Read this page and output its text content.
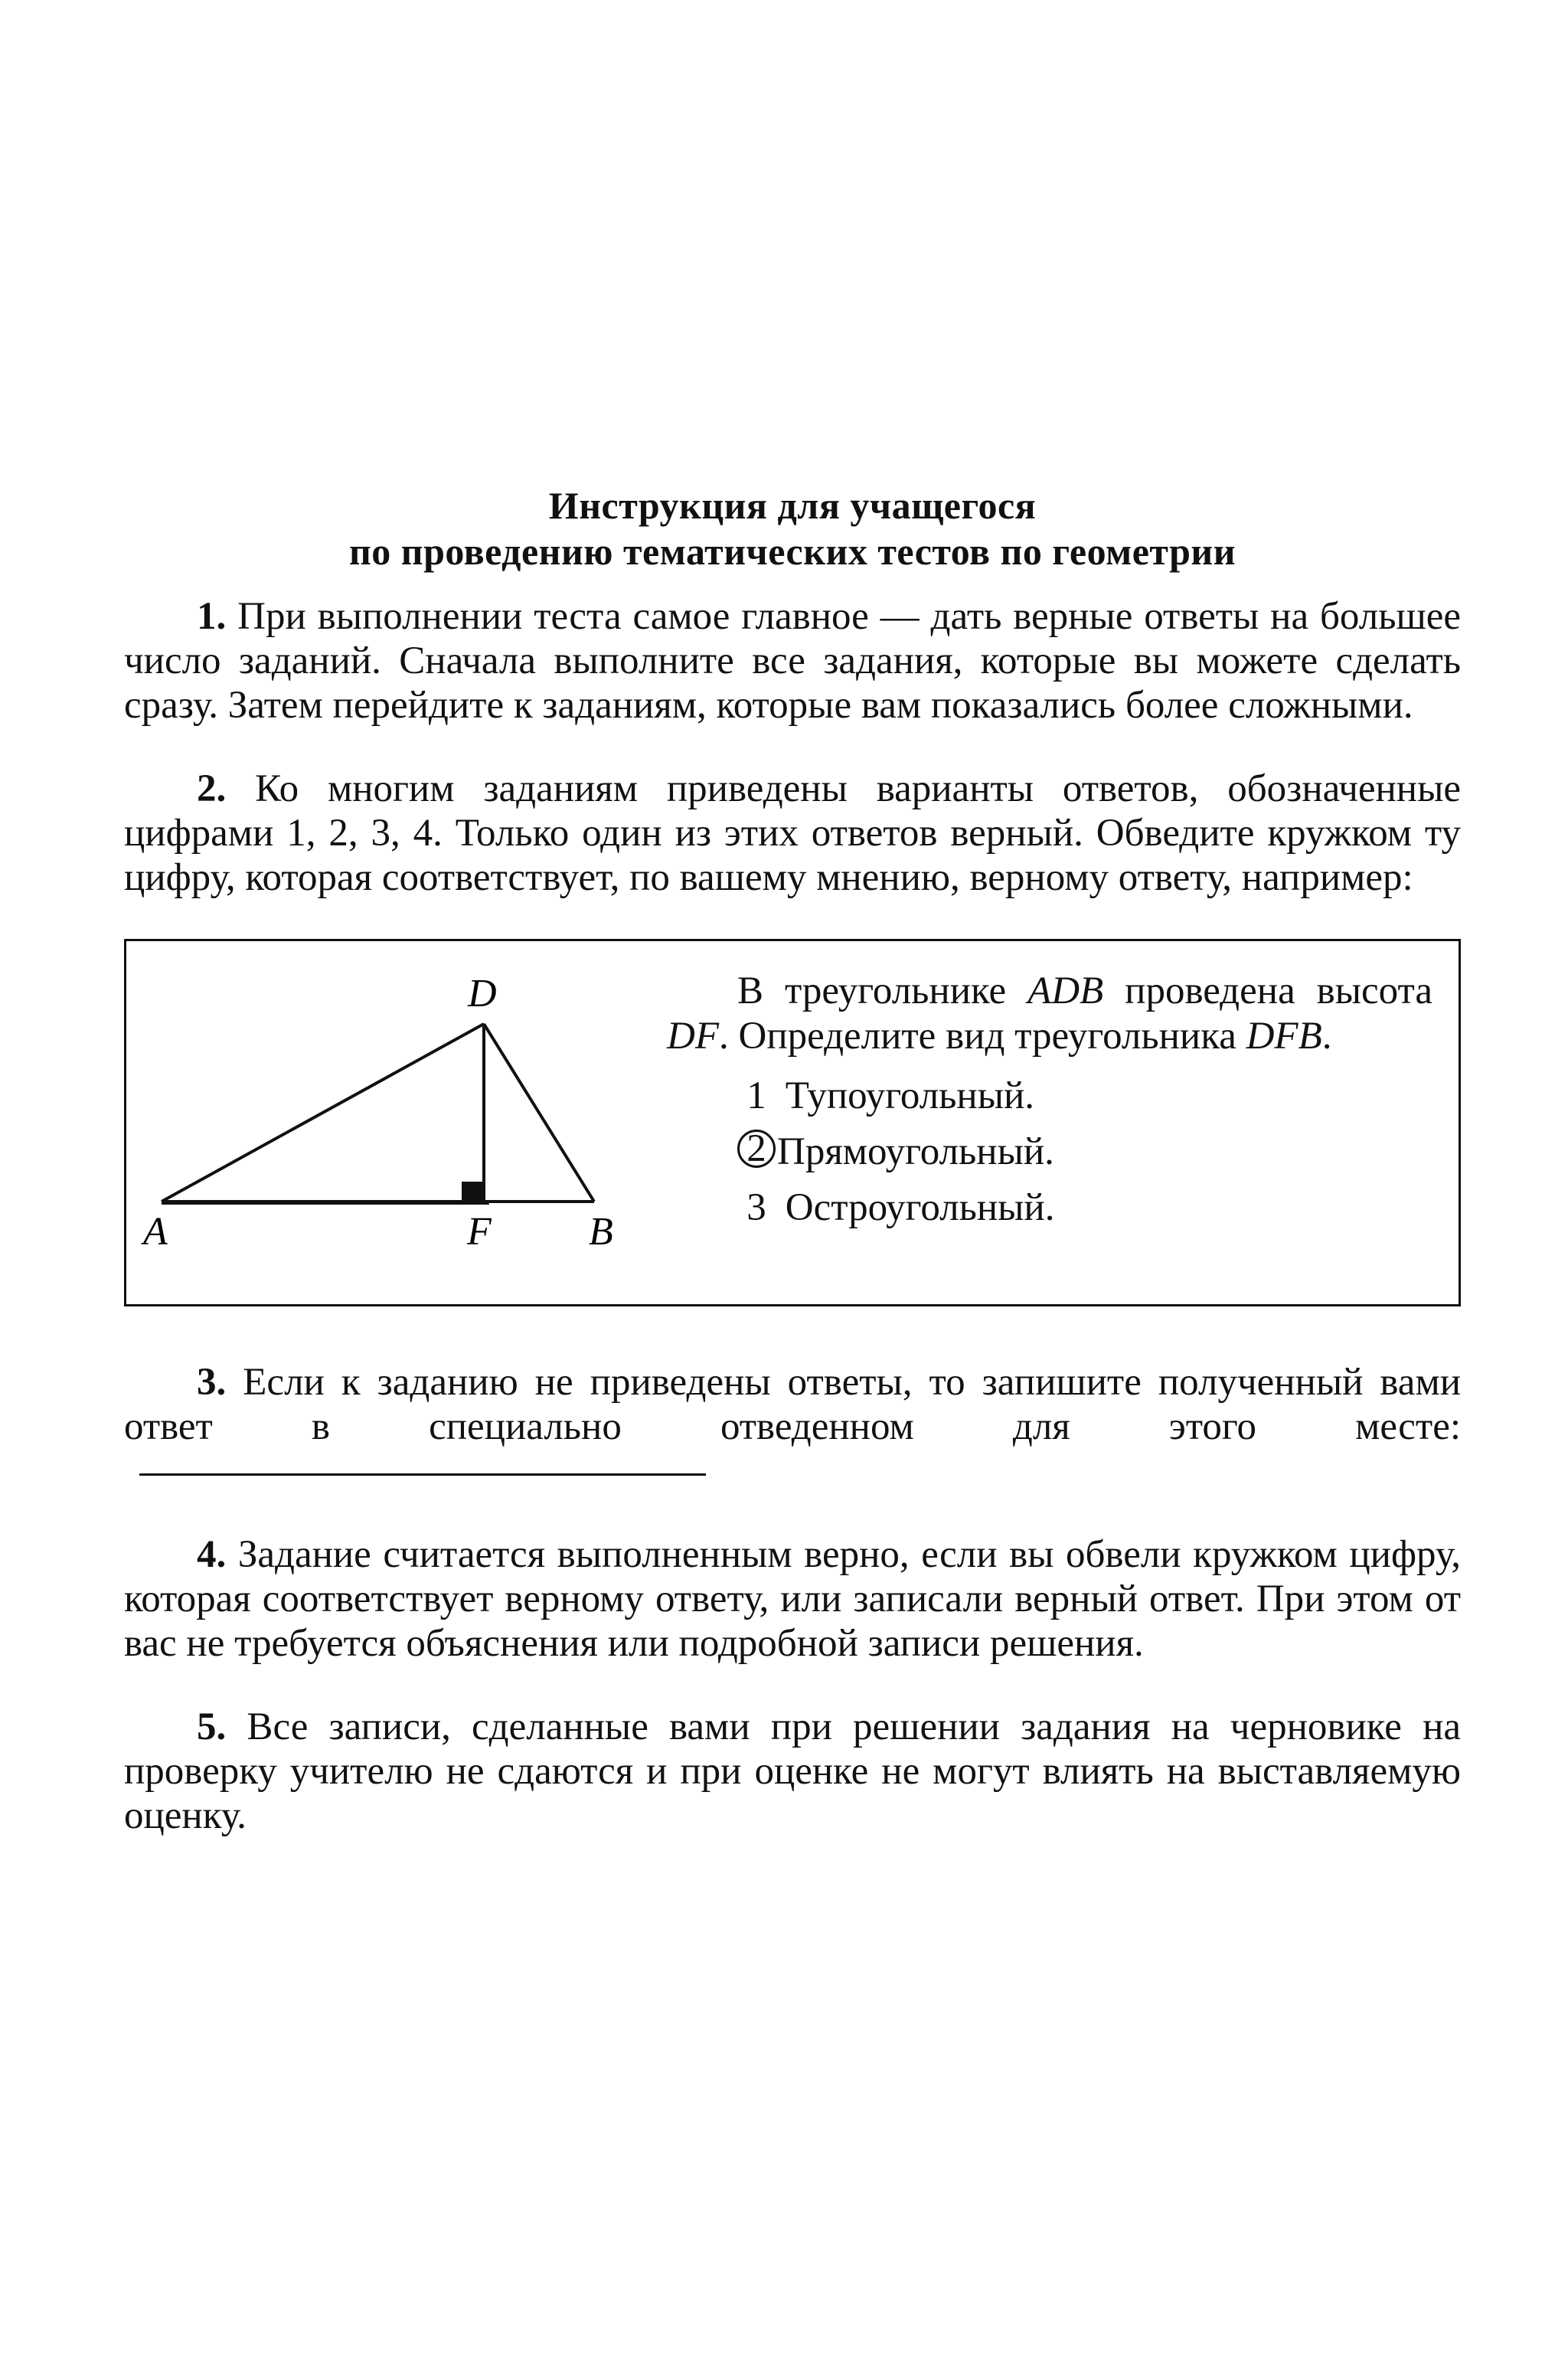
Инструкция для учащегося
по проведению тематических тестов по геометрии

1. При выполнении теста самое главное — дать верные ответы на большее число заданий. Сначала выполните все задания, которые вы можете сделать сразу. Затем перейдите к заданиям, которые вам показались более сложными.

2. Ко многим заданиям приведены варианты ответов, обозначенные цифрами 1, 2, 3, 4. Только один из этих ответов верный. Обведите кружком ту цифру, которая соответствует, по вашему мнению, верному ответу, например:

D
A	F B
В треугольнике ADB проведена высота DF. Определите вид треугольника DFB.
1 Тупоугольный.
2 Прямоугольный.
3 Остроугольный.

3. Если к заданию не приведены ответы, то запишите полученный вами ответ в специально отведенном для этого месте:

4. Задание считается выполненным верно, если вы обвели кружком цифру, которая соответствует верному ответу, или записали верный ответ. При этом от вас не требуется объяснения или подробной записи решения.

5. Все записи, сделанные вами при решении задания на черновике на проверку учителю не сдаются и при оценке не могут влиять на выставляемую оценку.
